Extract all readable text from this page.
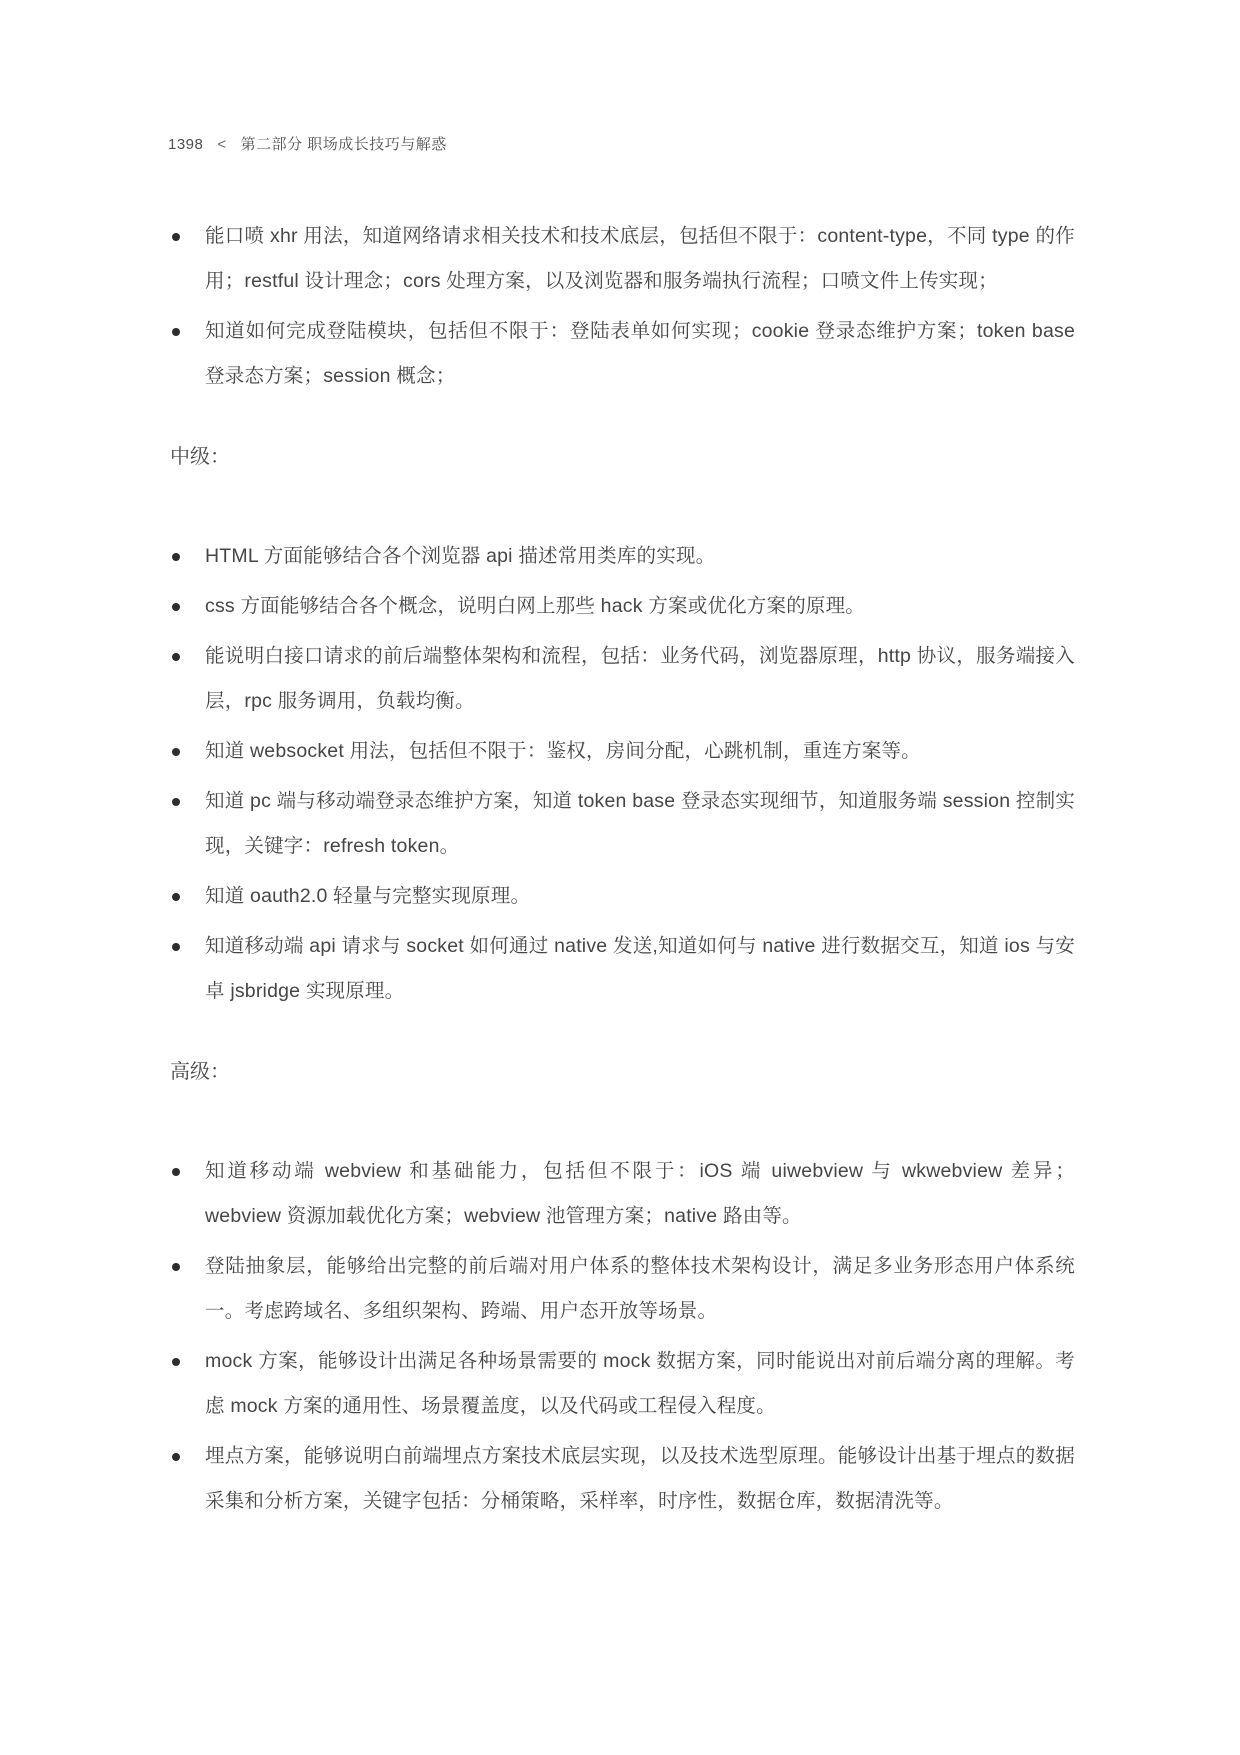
1398 < 第二部分 职场成长技巧与解惑
能口喷 xhr 用法，知道网络请求相关技术和技术底层，包括但不限于：content-type，不同 type 的作用；restful 设计理念；cors 处理方案，以及浏览器和服务端执行流程；口喷文件上传实现；
知道如何完成登陆模块，包括但不限于：登陆表单如何实现；cookie 登录态维护方案；token base 登录态方案；session 概念；
中级：
HTML 方面能够结合各个浏览器 api 描述常用类库的实现。
css 方面能够结合各个概念，说明白网上那些 hack 方案或优化方案的原理。
能说明白接口请求的前后端整体架构和流程，包括：业务代码，浏览器原理，http 协议，服务端接入层，rpc 服务调用，负载均衡。
知道 websocket 用法，包括但不限于：鉴权，房间分配，心跳机制，重连方案等。
知道 pc 端与移动端登录态维护方案，知道 token base 登录态实现细节，知道服务端 session 控制实现，关键字：refresh token。
知道 oauth2.0 轻量与完整实现原理。
知道移动端 api 请求与 socket 如何通过 native 发送,知道如何与 native 进行数据交互，知道 ios 与安卓 jsbridge 实现原理。
高级：
知道移动端 webview 和基础能力，包括但不限于：iOS 端 uiwebview 与 wkwebview 差异；webview 资源加载优化方案；webview 池管理方案；native 路由等。
登陆抽象层，能够给出完整的前后端对用户体系的整体技术架构设计，满足多业务形态用户体系统一。考虑跨域名、多组织架构、跨端、用户态开放等场景。
mock 方案，能够设计出满足各种场景需要的 mock 数据方案，同时能说出对前后端分离的理解。考虑 mock 方案的通用性、场景覆盖度，以及代码或工程侵入程度。
埋点方案，能够说明白前端埋点方案技术底层实现，以及技术选型原理。能够设计出基于埋点的数据采集和分析方案，关键字包括：分桶策略，采样率，时序性，数据仓库，数据清洗等。
